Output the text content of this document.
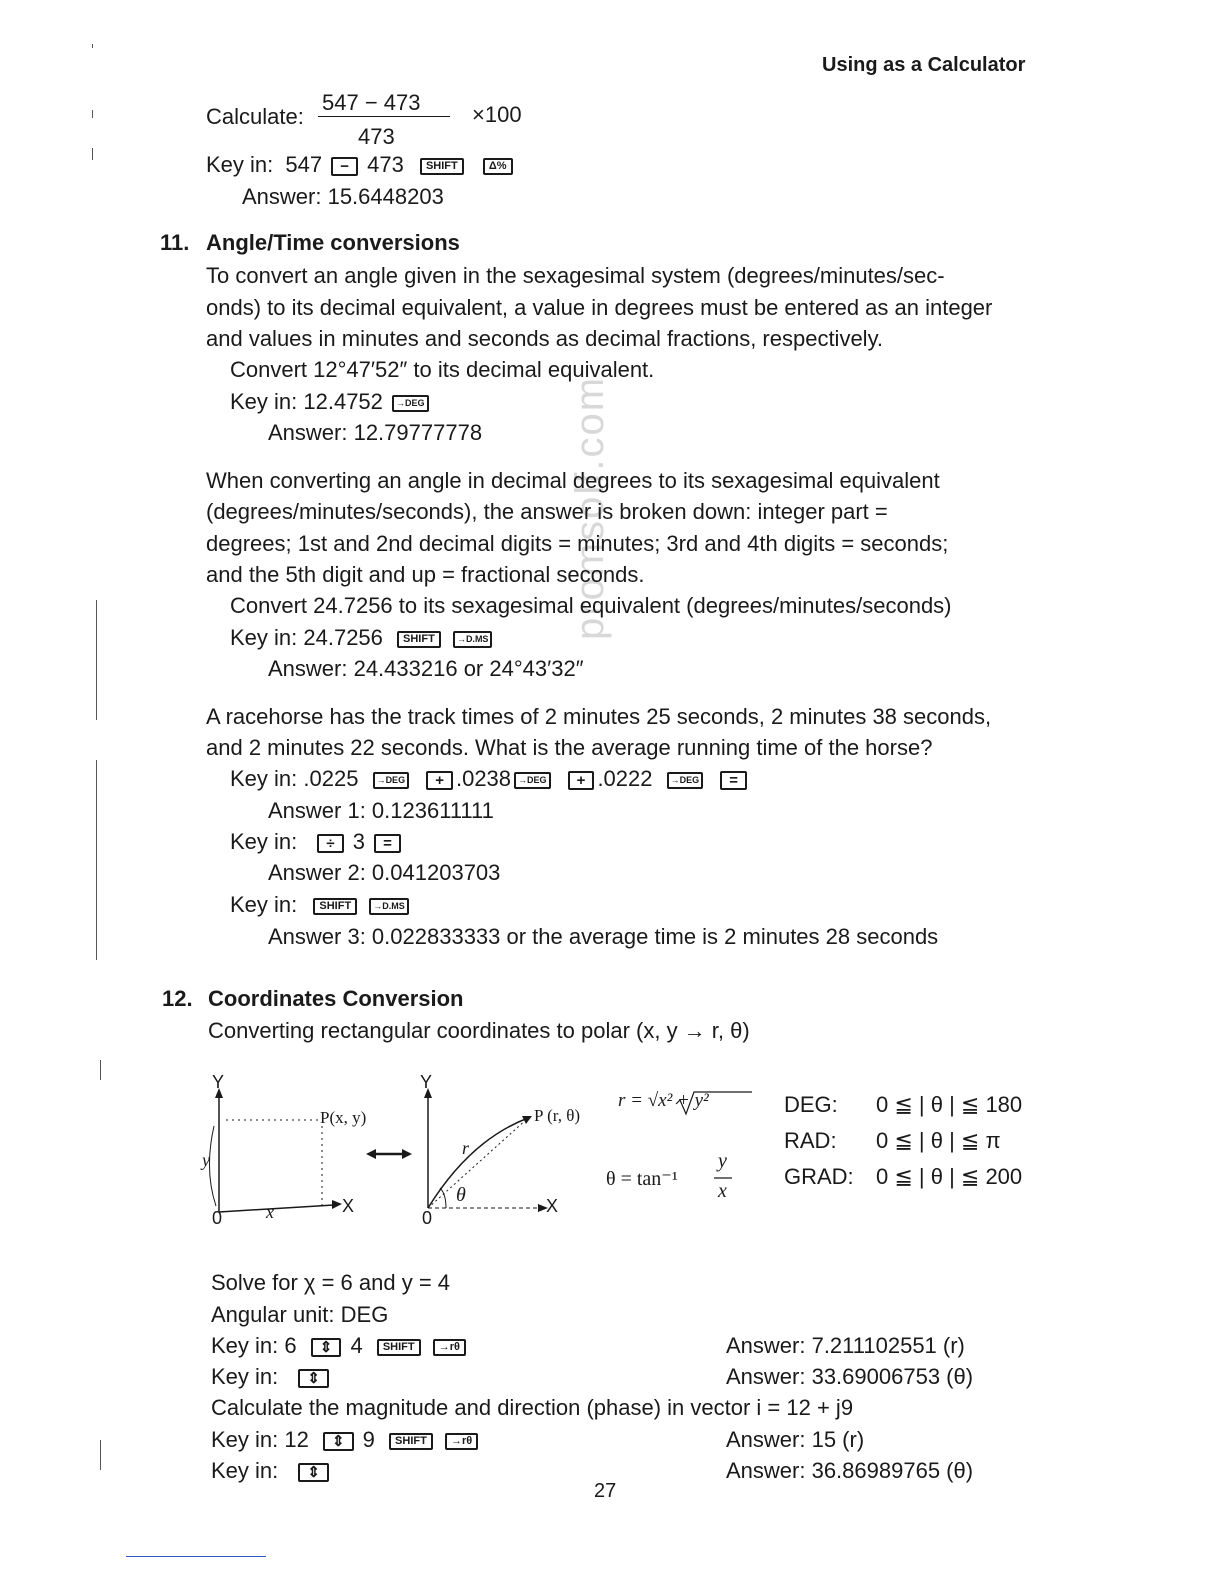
promsolf.com
Using as a Calculator
Calculate:
547 − 473
473
×100
Key in: 547 − 473 SHIFT	Δ%
Answer: 15.6448203
11. Angle/Time conversions
To convert an angle given in the sexagesimal system (degrees/minutes/sec-
onds) to its decimal equivalent, a value in degrees must be entered as an integer
and values in minutes and seconds as decimal fractions, respectively.
Convert 12°47′52″ to its decimal equivalent.
Key in: 12.4752 →DEG
Answer: 12.79777778
When converting an angle in decimal degrees to its sexagesimal equivalent
(degrees/minutes/seconds), the answer is broken down: integer part =
degrees; 1st and 2nd decimal digits = minutes; 3rd and 4th digits = seconds;
and the 5th digit and up = fractional seconds.
Convert 24.7256 to its sexagesimal equivalent (degrees/minutes/seconds)
Key in: 24.7256 SHIFT →D.MS
Answer: 24.433216 or 24°43′32″
A racehorse has the track times of 2 minutes 25 seconds, 2 minutes 38 seconds,
and 2 minutes 22 seconds. What is the average running time of the horse?
Key in: .0225 →DEG + .0238 →DEG + .0222 →DEG =
Answer 1: 0.123611111
Key in: ÷ 3 =
Answer 2: 0.041203703
Key in: SHIFT →D.MS
Answer 3: 0.022833333 or the average time is 2 minutes 28 seconds
12. Coordinates Conversion
Converting rectangular coordinates to polar (x, y → r, θ)
Y
0
X
P(x, y)
y
x
Y
0
X
P (r, θ)
r
θ
r = √x² + y²
θ = tan⁻¹
y
x
DEG: 0 ≦ | θ | ≦ 180
RAD: 0 ≦ | θ | ≦ π
GRAD: 0 ≦ | θ | ≦ 200
Solve for χ = 6 and y = 4
Angular unit: DEG
Key in: 6 ⇕ 4 SHIFT →rθ	Answer: 7.211102551 (r)
Key in: ⇕	Answer: 33.69006753 (θ)
Calculate the magnitude and direction (phase) in vector i = 12 + j9
Key in: 12 ⇕ 9 SHIFT →rθ	Answer: 15 (r)
Key in: ⇕	Answer: 36.86989765 (θ)
27
